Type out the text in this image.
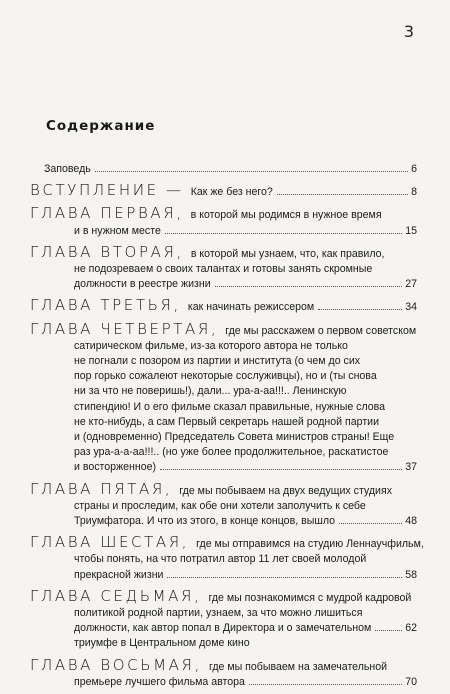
3
Содержание
Заповедь	6
ВСТУПЛЕНИЕ — Как же без него?	8
ГЛАВА ПЕРВАЯ, в которой мы родимся в нужное время
и в нужном месте	15
ГЛАВА ВТОРАЯ, в которой мы узнаем, что, как правило,
не подозреваем о своих талантах и готовы занять скромные
должности в реестре жизни	27
ГЛАВА ТРЕТЬЯ, как начинать режиссером	34
ГЛАВА ЧЕТВЕРТАЯ, где мы расскажем о первом советском
сатирическом фильме, из-за которого автора не только
не погнали с позором из партии и института (о чем до сих
пор горько сожалеют некоторые сослуживцы), но и (ты снова
ни за что не поверишь!), дали... ура-а-аа!!!.. Ленинскую
стипендию! И о его фильме сказал правильные, нужные слова
не кто-нибудь, а сам Первый секретарь нашей родной партии
и (одновременно) Председатель Совета министров страны! Еще
раз ура-а-а-аа!!!.. (но уже более продолжительное, раскатистое
и восторженное)	37
ГЛАВА ПЯТАЯ, где мы побываем на двух ведущих студиях
страны и проследим, как обе они хотели заполучить к себе
Триумфатора. И что из этого, в конце концов, вышло	48
ГЛАВА ШЕСТАЯ, где мы отправимся на студию Леннаучфильм,
чтобы понять, на что потратил автор 11 лет своей молодой
прекрасной жизни	58
ГЛАВА СЕДЬМАЯ, где мы познакомимся с мудрой кадровой
политикой родной партии, узнаем, за что можно лишиться
должности, как автор попал в Директора и о замечательном	62
триумфе в Центральном доме кино
ГЛАВА ВОСЬМАЯ, где мы побываем на замечательной
премьере лучшего фильма автора	70
